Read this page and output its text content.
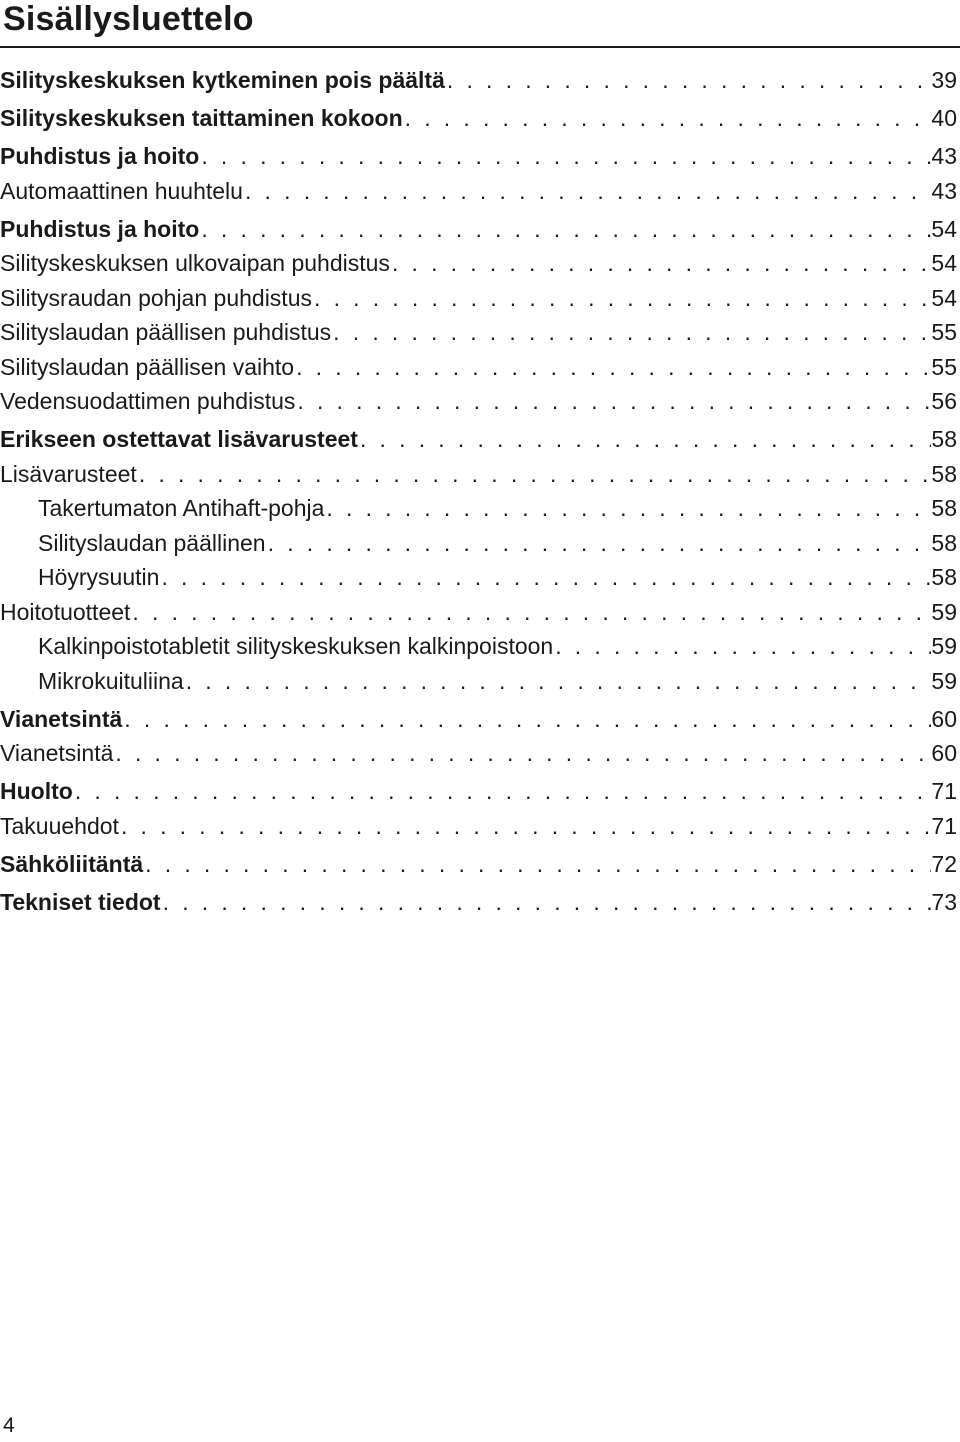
Sisällysluettelo
Silityskeskuksen kytkeminen pois päältä . . .	39
Silityskeskuksen taittaminen kokoon . . .	40
Puhdistus ja hoito . . .	43
Automaattinen huuhtelu . . .	43
Puhdistus ja hoito . . .	54
Silityskeskuksen ulkovaipan puhdistus . . .	54
Silitysraudan pohjan puhdistus . . .	54
Silityslaudan päällisen puhdistus . . .	55
Silityslaudan päällisen vaihto . . .	55
Vedensuodattimen puhdistus . . .	56
Erikseen ostettavat lisävarusteet . . .	58
Lisävarusteet . . .	58
Takertumaton Antihaft-pohja . . .	58
Silityslaudan päällinen . . .	58
Höyrysuutin . . .	58
Hoitotuotteet . . .	59
Kalkinpoistotabletit silityskeskuksen kalkinpoistoon . . .	59
Mikrokuituliina . . .	59
Vianetsintä . . .	60
Vianetsintä . . .	60
Huolto . . .	71
Takuuehdot . . .	71
Sähköliitäntä . . .	72
Tekniset tiedot . . .	73
4
